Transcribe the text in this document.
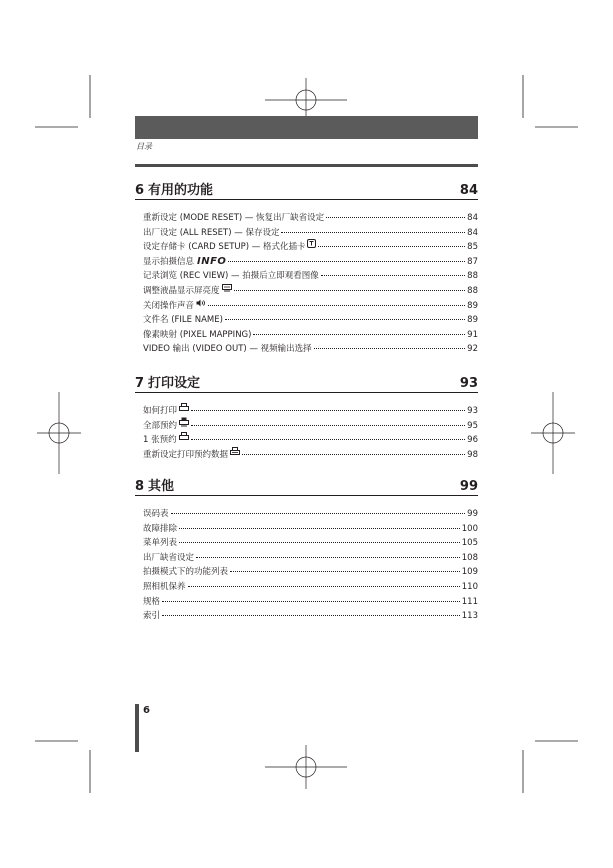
目录
6 有用的功能	84
重新设定 (MODE RESET) — 恢复出厂缺省设定	84
出厂设定 (ALL RESET) — 保存设定	84
设定存储卡 (CARD SETUP) — 格式化插卡	85
显示拍摄信息 INFO	87
记录浏览 (REC VIEW) — 拍摄后立即观看图像	88
调整液晶显示屏亮度	88
关闭操作声音	89
文件名 (FILE NAME)	89
像素映射 (PIXEL MAPPING)	91
VIDEO 输出 (VIDEO OUT) — 视频输出选择	92
7 打印设定	93
如何打印	93
全部预约	95
1 张预约	96
重新设定打印预约数据	98
8 其他	99
误码表	99
故障排除	100
菜单列表	105
出厂缺省设定	108
拍摄模式下的功能列表	109
照相机保养	110
规格	111
索引	113
6
